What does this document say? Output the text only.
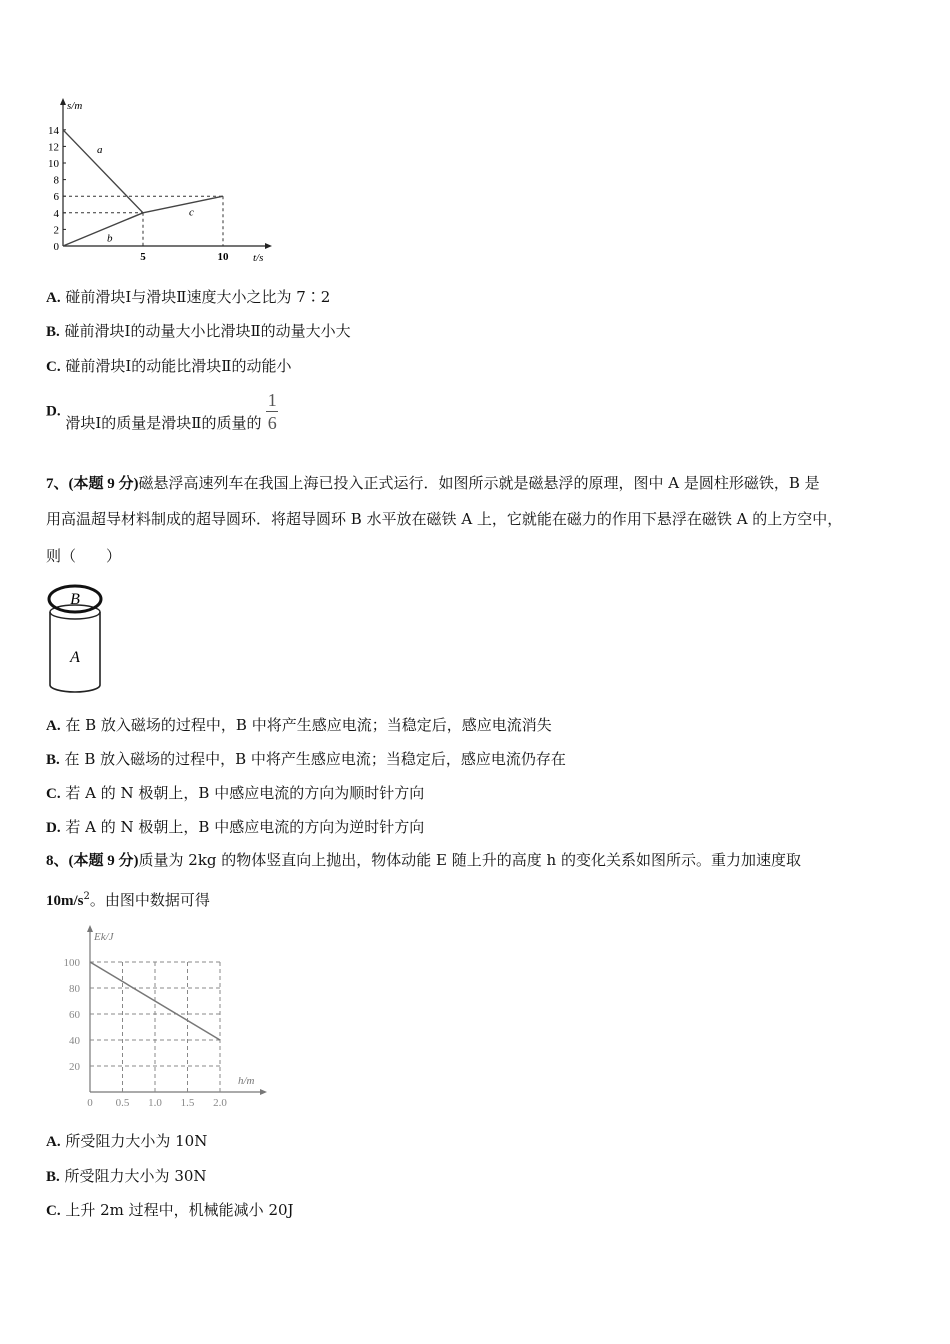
s/m
t/s
0
2
4
6
8
10
12
14
5	10
a
b
c
A. 碰前滑块Ⅰ与滑块Ⅱ速度大小之比为 7∶2
B. 碰前滑块Ⅰ的动量大小比滑块Ⅱ的动量大小大
C. 碰前滑块Ⅰ的动能比滑块Ⅱ的动能小
D. 滑块Ⅰ的质量是滑块Ⅱ的质量的 $\frac{1}{6}$
7、(本题 9 分)磁悬浮高速列车在我国上海已投入正式运行．如图所示就是磁悬浮的原理，图中 A 是圆柱形磁铁，B 是
用高温超导材料制成的超导圆环．将超导圆环 B 水平放在磁铁 A 上，它就能在磁力的作用下悬浮在磁铁 A 的上方空中，
则（　　）
B
A
A. 在 B 放入磁场的过程中，B 中将产生感应电流；当稳定后，感应电流消失
B. 在 B 放入磁场的过程中，B 中将产生感应电流；当稳定后，感应电流仍存在
C. 若 A 的 N 极朝上，B 中感应电流的方向为顺时针方向
D. 若 A 的 N 极朝上，B 中感应电流的方向为逆时针方向
8、(本题 9 分)质量为 2kg 的物体竖直向上抛出，物体动能 E 随上升的高度 h 的变化关系如图所示。重力加速度取
$10m/s^2$。由图中数据可得
Ek/J
h/m
20
40
60
80
100
0 0.5 1.0 1.5 2.0
A. 所受阻力大小为 10N
B. 所受阻力大小为 30N
C. 上升 2m 过程中，机械能减小 20J
